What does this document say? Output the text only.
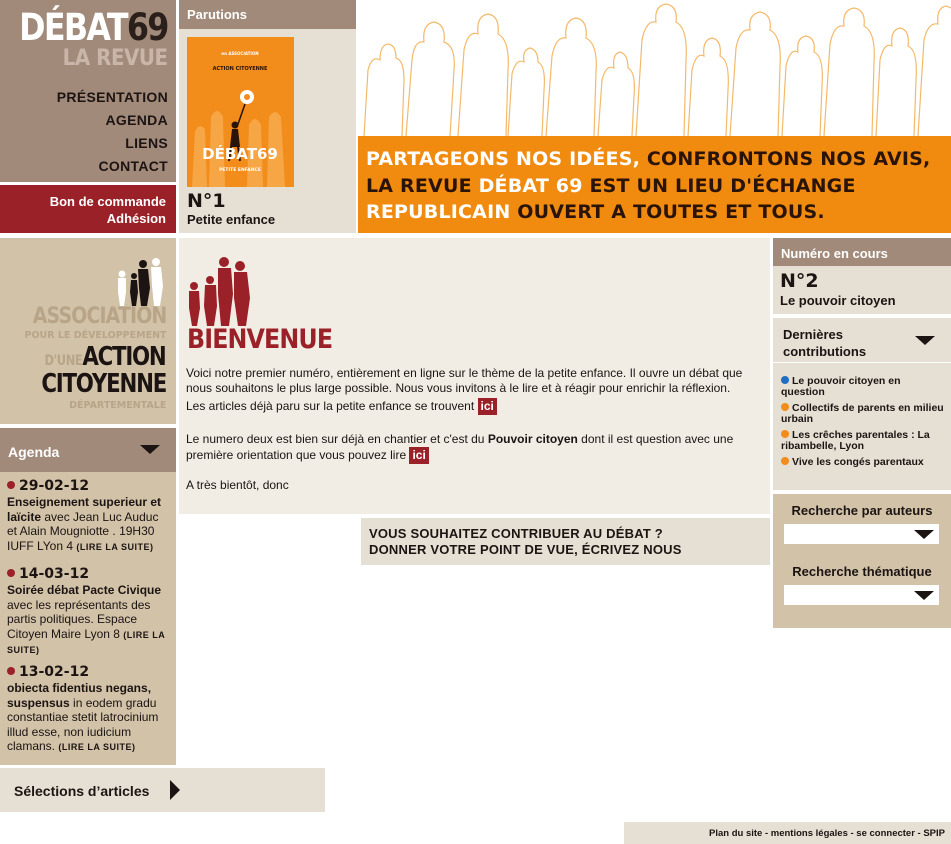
DÉBAT69
LA REVUE
PRÉSENTATION
AGENDA
LIENS
CONTACT
Bon de commande
Adhésion
Parutions
en ASSOCIATION
ACTION CITOYENNE
DÉBAT69
PETITE ENFANCE
N°1
Petite enfance

PARTAGEONS NOS IDÉES, CONFRONTONS NOS AVIS,

LA REVUE DÉBAT 69 EST UN LIEU D'ÉCHANGE

REPUBLICAIN OUVERT A TOUTES ET TOUS.

ASSOCIATION
POUR LE DÉVELOPPEMENT
D'UNEACTION
CITOYENNE
DÉPARTEMENTALE
Agenda
29-02-12
Enseignement superieur et laïcite avec Jean Luc Auduc et Alain Mougniotte . 19H30 IUFF LYon 4 (LIRE LA SUITE)
14-03-12
Soirée débat Pacte Civique avec les représentants des partis politiques. Espace Citoyen Maire Lyon 8 (LIRE LA SUITE)
13-02-12
obiecta fidentius negans, suspensus in eodem gradu constantiae stetit latrocinium illud esse, non iudicium clamans. (LIRE LA SUITE)
Sélections d’articles
BIENVENUE

Voici notre premier numéro, entièrement en ligne sur le thème de la petite enfance. Il ouvre un débat que nous souhaitons le plus large possible. Nous vous invitons à le lire et à réagir pour enrichir la réflexion.

Les articles déjà paru sur la petite enfance se trouvent ici

Le numero deux est bien sur déjà en chantier et c'est du Pouvoir citoyen dont il est question avec une première orientation que vous pouvez lire ici

A très bientôt, donc

VOUS SOUHAITEZ CONTRIBUER AU DÉBAT ?

DONNER VOTRE POINT DE VUE, ÉCRIVEZ NOUS

Numéro en cours
N°2
Le pouvoir citoyen
Dernières contributions
Le pouvoir citoyen en question
Collectifs de parents en milieu urbain
Les crêches parentales : La ribambelle, Lyon
Vive les congés parentaux
Recherche par auteurs
Recherche thématique
Plan du site - mentions légales - se connecter - SPIP
